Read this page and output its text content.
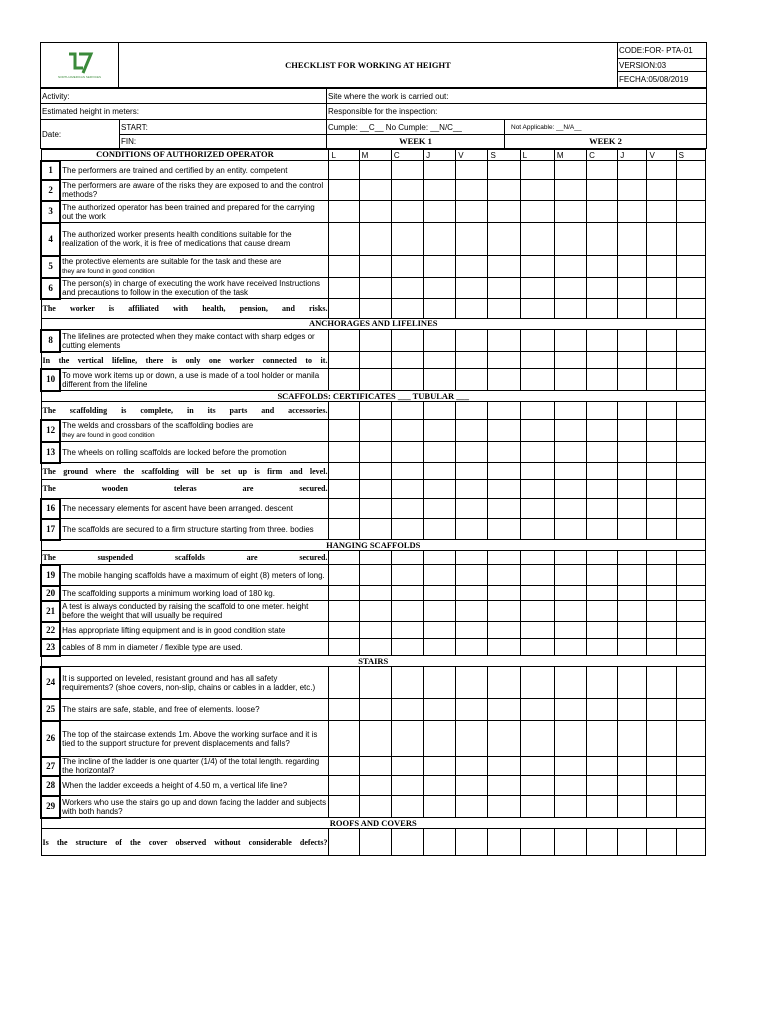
NORTH AMERICAN SERVICES
	CHECKLIST FOR WORKING AT HEIGHT	CODE:FOR- PTA-01
VERSION:03
FECHA:05/08/2019
Activity:		Site where the work is carried out:	
Estimated height in meters:		Responsible for the inspection:	
Date:	START:	Cumple: __C__ No Cumple: __N/C__	Not Applicable: __N/A__
	FIN:	WEEK 1	WEEK 2
CONDITIONS OF AUTHORIZED OPERATOR		L	M	C	J	V	S	L	M	C	J	V	S
1	The performers are trained and certified by an entity. competent												
2	The performers are aware of the risks they are exposed to and the control methods?												
3	The authorized operator has been trained and prepared for the carrying out the work												
4	The authorized worker presents health conditions suitable for the realization of the work, it is free of medications that cause dream												
5	the protective elements are suitable for the task and these are
they are found in good condition												
6	The person(s) in charge of executing the work have received Instructions and precautions to follow in the execution of the task												
The worker is affiliated with health, pension, and risks.													
ANCHORAGES AND LIFELINES													
8	The lifelines are protected when they make contact with sharp edges or cutting elements												
In the vertical lifeline, there is only one worker connected to it.													
10	To move work items up or down, a use is made of a tool holder or manila different from the lifeline												
SCAFFOLDS: CERTIFICATES ___ TUBULAR ___													
The scaffolding is complete, in its parts and accessories.													
12	The welds and crossbars of the scaffolding bodies are
they are found in good condition												
13	The wheels on rolling scaffolds are locked before the promotion												
The ground where the scaffolding will be set up is firm and level.													
The wooden teleras are secured.													
16	The necessary elements for ascent have been arranged. descent												
17	The scaffolds are secured to a firm structure starting from three. bodies												
HANGING SCAFFOLDS													
The suspended scaffolds are secured.													
19	The mobile hanging scaffolds have a maximum of eight (8) meters of long.												
20	The scaffolding supports a minimum working load of 180 kg.												
21	A test is always conducted by raising the scaffold to one meter. height before the weight that will usually be required												
22	Has appropriate lifting equipment and is in good condition state												
23	cables of 8 mm in diameter / flexible type are used.												
STAIRS													
24	It is supported on leveled, resistant ground and has all safety requirements? (shoe covers, non-slip, chains or cables in a ladder, etc.)												
25	The stairs are safe, stable, and free of elements. loose?												
26	The top of the staircase extends 1m. Above the working surface and it is tied to the support structure for prevent displacements and falls?												
27	The incline of the ladder is one quarter (1/4) of the total length. regarding the horizontal?												
28	When the ladder exceeds a height of 4.50 m, a vertical life line?												
29	Workers who use the stairs go up and down facing the ladder and subjects with both hands?												
ROOFS AND COVERS													
Is the structure of the cover observed without considerable defects?													
